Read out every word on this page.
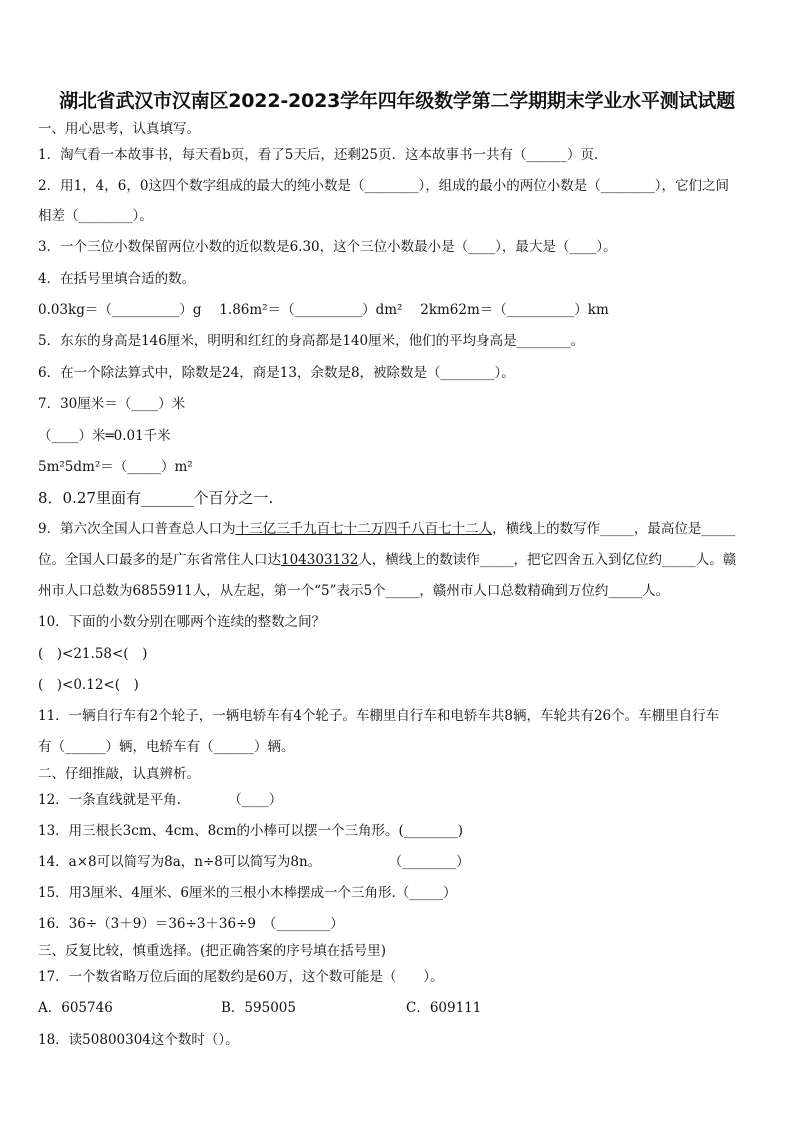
湖北省武汉市汉南区2022-2023学年四年级数学第二学期期末学业水平测试试题
一、用心思考，认真填写。
1．淘气看一本故事书，每天看b页，看了5天后，还剩25页．这本故事书一共有（______）页．
2．用1，4，6，0这四个数字组成的最大的纯小数是（________），组成的最小的两位小数是（________），它们之间
相差（________）。
3．一个三位小数保留两位小数的近似数是6.30，这个三位小数最小是（____），最大是（____）。
4．在括号里填合适的数。
0.03kg＝（__________）g　 1.86m²＝（__________）dm²　 2km62m＝（__________）km
5．东东的身高是146厘米，明明和红红的身高都是140厘米，他们的平均身高是________。
6．在一个除法算式中，除数是24，商是13，余数是8，被除数是（________）。
7．30厘米＝（____）米
（____）米═0.01千米
5m²5dm²＝（_____）m²
8．0.27里面有_______个百分之一.
9．第六次全国人口普查总人口为十三亿三千九百七十二万四千八百七十二人，横线上的数写作_____，最高位是_____
位。全国人口最多的是广东省常住人口达104303132人，横线上的数读作_____，把它四舍五入到亿位约_____人。赣
州市人口总数为6855911人，从左起，第一个“5”表示5个_____，赣州市人口总数精确到万位约_____人。
10．下面的小数分别在哪两个连续的整数之间？
(　)<21.58<(　)
(　)<0.12<(　)
11．一辆自行车有2个轮子，一辆电轿车有4个轮子。车棚里自行车和电轿车共8辆，车轮共有26个。车棚里自行车
有（______）辆，电轿车有（______）辆。
二、仔细推敲，认真辨析。
12．一条直线就是平角.　　　　（____）
13．用三根长3cm、4cm、8cm的小棒可以摆一个三角形。(________)
14．a×8可以简写为8a，n÷8可以简写为8n。　　　　　　（________）
15．用3厘米、4厘米、6厘米的三根小木棒摆成一个三角形.（_____）
16．36÷（3＋9）＝36÷3＋36÷9　（________）
三、反复比较，慎重选择。(把正确答案的序号填在括号里)
17．一个数省略万位后面的尾数约是60万，这个数可能是（　　）。
A．605746	B．595005	C．609111
18．读50800304这个数时（）。
